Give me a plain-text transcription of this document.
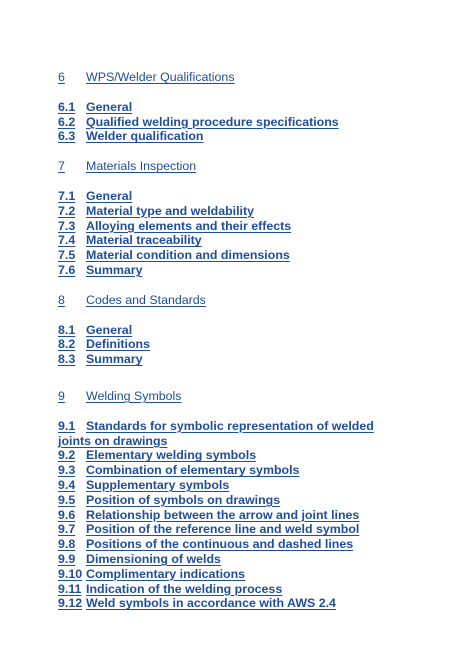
6	WPS/Welder Qualifications
6.1 General
6.2 Qualified welding procedure specifications
6.3 Welder qualification
7	Materials Inspection
7.1 General
7.2 Material type and weldability
7.3 Alloying elements and their effects
7.4 Material traceability
7.5 Material condition and dimensions
7.6 Summary
8	Codes and Standards
8.1 General
8.2 Definitions
8.3 Summary
9	Welding Symbols
9.1 Standards for symbolic representation of welded
joints on drawings
9.2 Elementary welding symbols
9.3 Combination of elementary symbols
9.4 Supplementary symbols
9.5 Position of symbols on drawings
9.6 Relationship between the arrow and joint lines
9.7 Position of the reference line and weld symbol
9.8 Positions of the continuous and dashed lines
9.9 Dimensioning of welds
9.10 Complimentary indications
9.11 Indication of the welding process
9.12 Weld symbols in accordance with AWS 2.4
